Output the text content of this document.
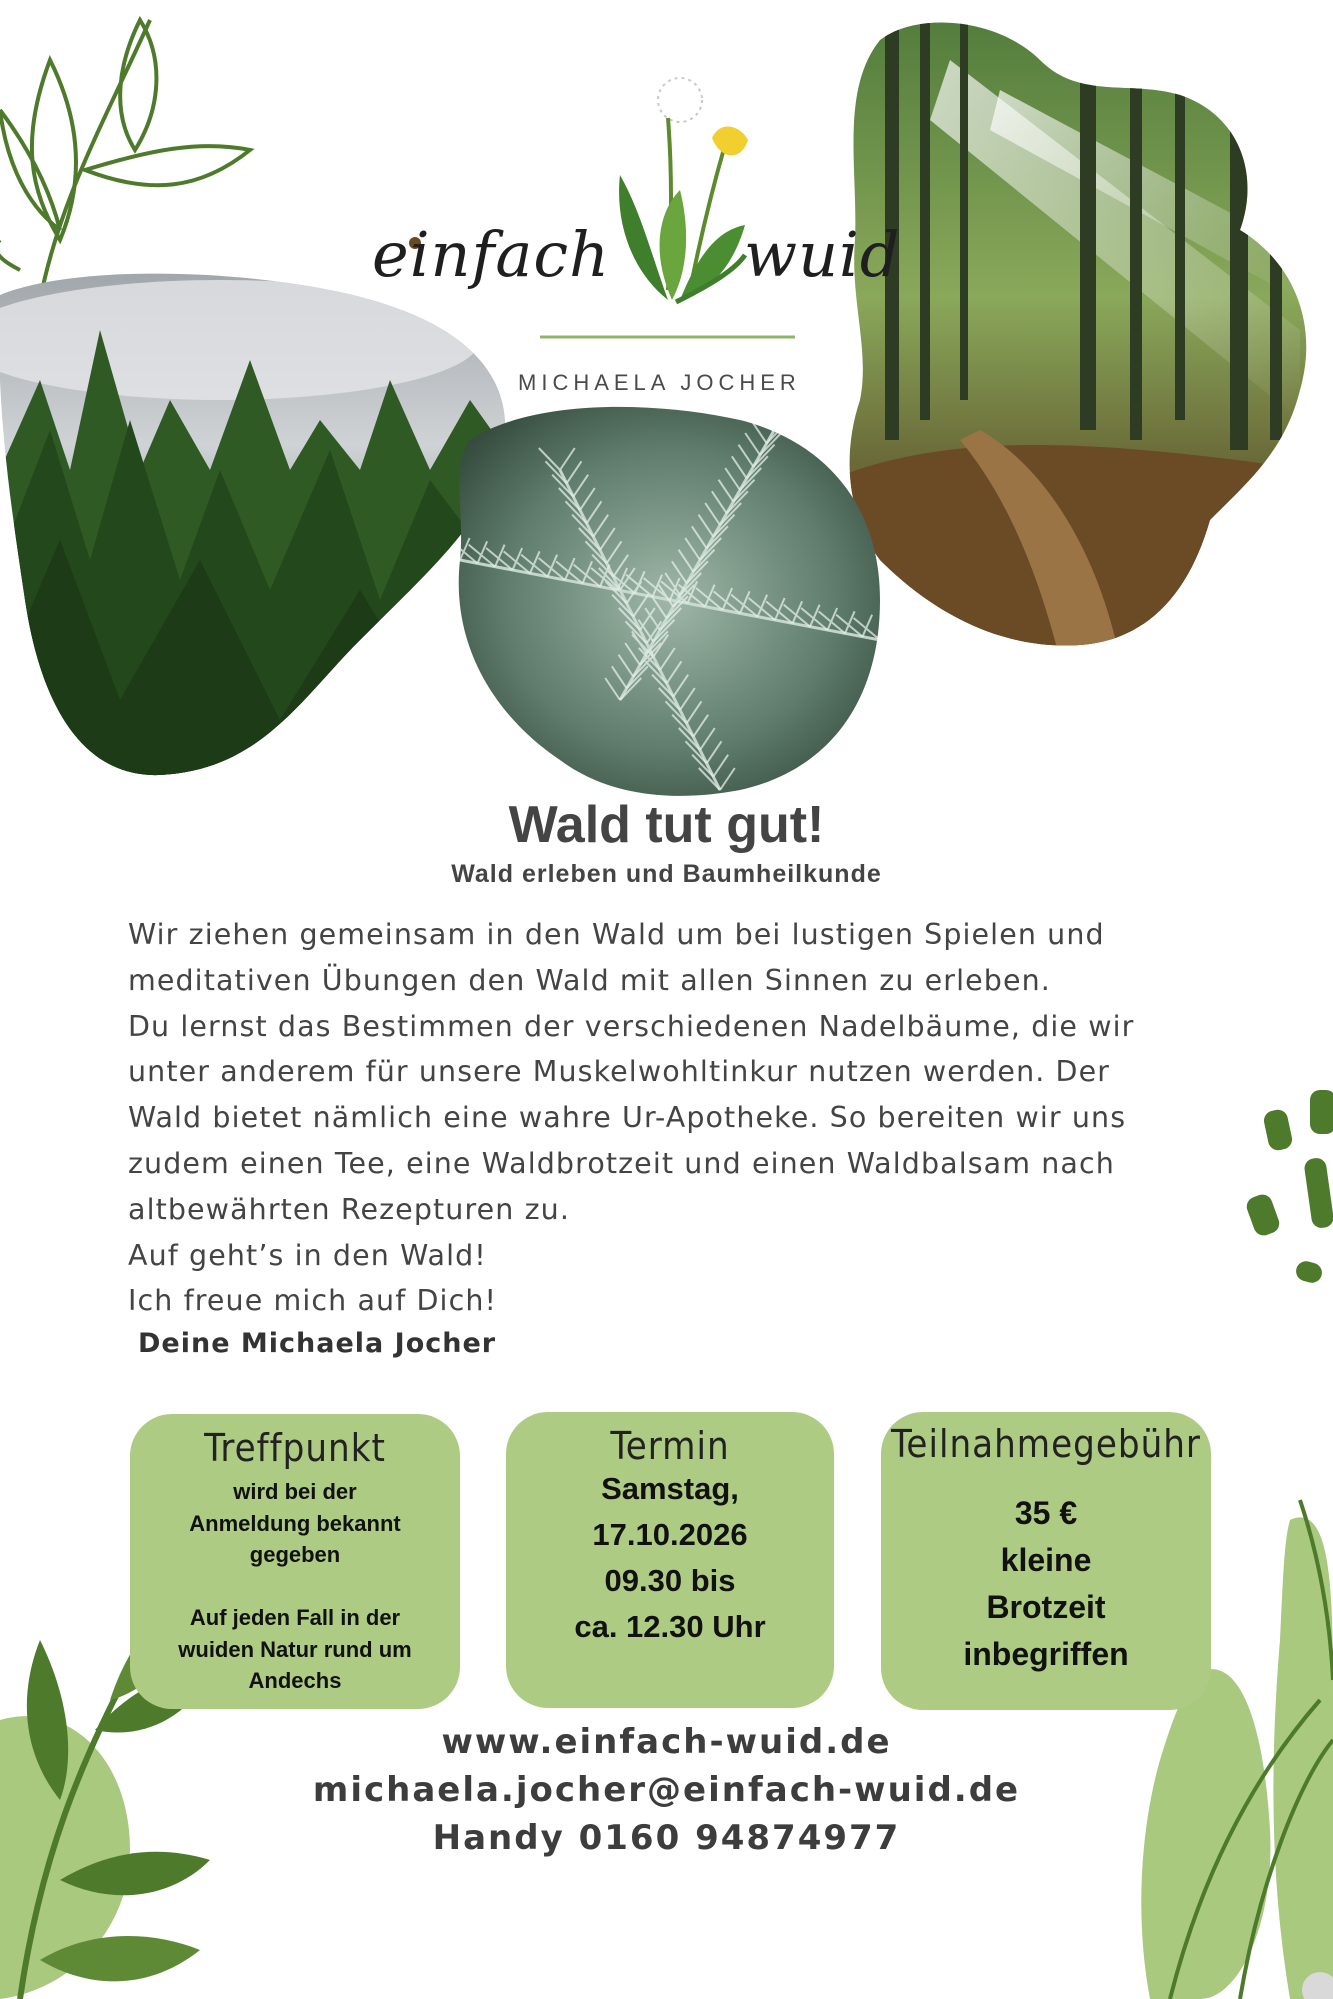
einfach wuid
MICHAELA JOCHER
Wald tut gut!
Wald erleben und Baumheilkunde
Wir ziehen gemeinsam in den Wald um bei lustigen Spielen und
meditativen Übungen den Wald mit allen Sinnen zu erleben.
Du lernst das Bestimmen der verschiedenen Nadelbäume, die wir
unter anderem für unsere Muskelwohltinkur nutzen werden. Der
Wald bietet nämlich eine wahre Ur-Apotheke. So bereiten wir uns
zudem einen Tee, eine Waldbrotzeit und einen Waldbalsam nach
altbewährten Rezepturen zu.
Auf geht’s in den Wald!
Ich freue mich auf Dich!
Deine Michaela Jocher
Treffpunkt
wird bei der
Anmeldung bekannt
gegeben

Auf jeden Fall in der
wuiden Natur rund um
Andechs
Termin
Samstag,
17.10.2026
09.30 bis
ca. 12.30 Uhr
Teilnahmegebühr
35 €
kleine
Brotzeit
inbegriffen
www.einfach-wuid.de
michaela.jocher@einfach-wuid.de
Handy 0160 94874977
